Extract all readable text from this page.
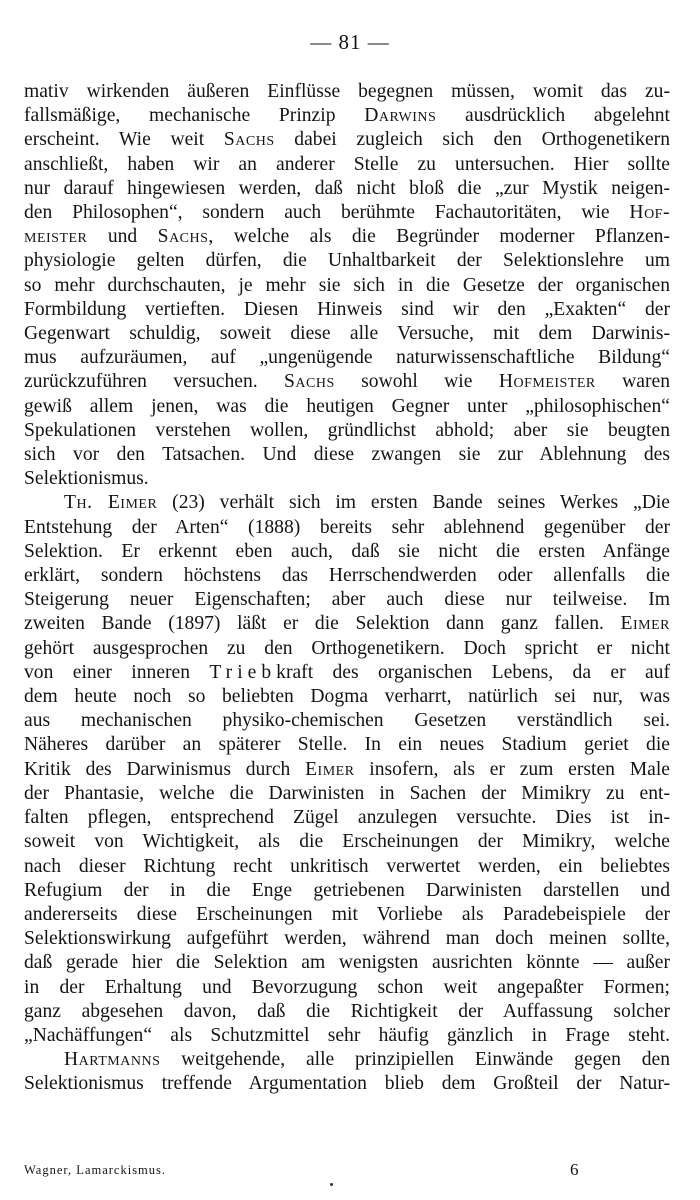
— 81 —
mativ wirkenden äußeren Einflüsse begegnen müssen, womit das zu-
fallsmäßige, mechanische Prinzip Darwins ausdrücklich abgelehnt
erscheint. Wie weit Sachs dabei zugleich sich den Orthogenetikern
anschließt, haben wir an anderer Stelle zu untersuchen. Hier sollte
nur darauf hingewiesen werden, daß nicht bloß die „zur Mystik neigen-
den Philosophen“, sondern auch berühmte Fachautoritäten, wie Hof-
meister und Sachs, welche als die Begründer moderner Pflanzen-
physiologie gelten dürfen, die Unhaltbarkeit der Selektionslehre um
so mehr durchschauten, je mehr sie sich in die Gesetze der organischen
Formbildung vertieften. Diesen Hinweis sind wir den „Exakten“ der
Gegenwart schuldig, soweit diese alle Versuche, mit dem Darwinis-
mus aufzuräumen, auf „ungenügende naturwissenschaftliche Bildung“
zurückzuführen versuchen. Sachs sowohl wie Hofmeister waren
gewiß allem jenen, was die heutigen Gegner unter „philosophischen“
Spekulationen verstehen wollen, gründlichst abhold; aber sie beugten
sich vor den Tatsachen. Und diese zwangen sie zur Ablehnung des
Selektionismus.
Th. Eimer (23) verhält sich im ersten Bande seines Werkes „Die
Entstehung der Arten“ (1888) bereits sehr ablehnend gegenüber der
Selektion. Er erkennt eben auch, daß sie nicht die ersten Anfänge
erklärt, sondern höchstens das Herrschendwerden oder allenfalls die
Steigerung neuer Eigenschaften; aber auch diese nur teilweise. Im
zweiten Bande (1897) läßt er die Selektion dann ganz fallen. Eimer
gehört ausgesprochen zu den Orthogenetikern. Doch spricht er nicht
von einer inneren Triebkraft des organischen Lebens, da er auf
dem heute noch so beliebten Dogma verharrt, natürlich sei nur, was
aus mechanischen physiko-chemischen Gesetzen verständlich sei.
Näheres darüber an späterer Stelle. In ein neues Stadium geriet die
Kritik des Darwinismus durch Eimer insofern, als er zum ersten Male
der Phantasie, welche die Darwinisten in Sachen der Mimikry zu ent-
falten pflegen, entsprechend Zügel anzulegen versuchte. Dies ist in-
soweit von Wichtigkeit, als die Erscheinungen der Mimikry, welche
nach dieser Richtung recht unkritisch verwertet werden, ein beliebtes
Refugium der in die Enge getriebenen Darwinisten darstellen und
andererseits diese Erscheinungen mit Vorliebe als Paradebeispiele der
Selektionswirkung aufgeführt werden, während man doch meinen sollte,
daß gerade hier die Selektion am wenigsten ausrichten könnte — außer
in der Erhaltung und Bevorzugung schon weit angepaßter Formen;
ganz abgesehen davon, daß die Richtigkeit der Auffassung solcher
„Nachäffungen“ als Schutzmittel sehr häufig gänzlich in Frage steht.
Hartmanns weitgehende, alle prinzipiellen Einwände gegen den
Selektionismus treffende Argumentation blieb dem Großteil der Natur-
Wagner, Lamarckismus.	6
